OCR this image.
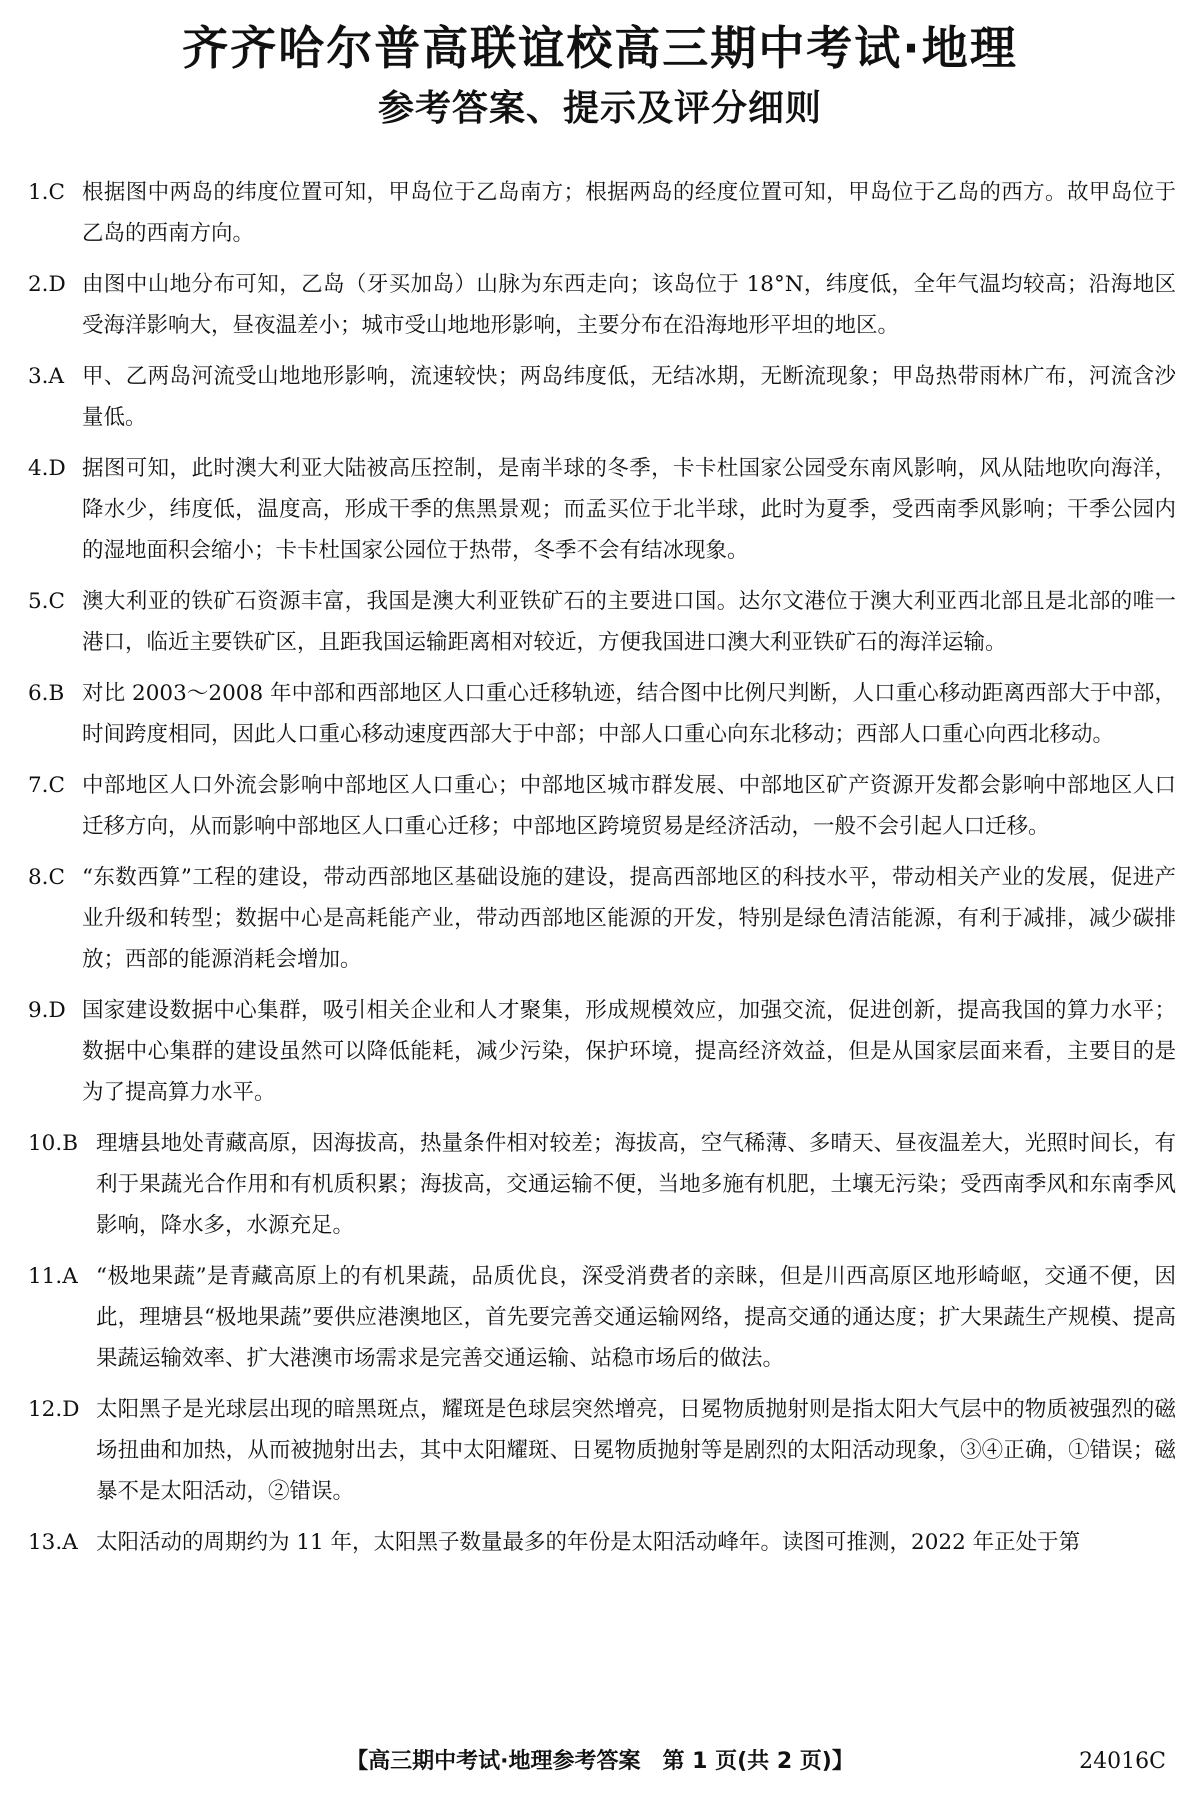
齐齐哈尔普高联谊校高三期中考试·地理
参考答案、提示及评分细则
1.C 根据图中两岛的纬度位置可知，甲岛位于乙岛南方；根据两岛的经度位置可知，甲岛位于乙岛的西方。故甲岛位于乙岛的西南方向。
2.D 由图中山地分布可知，乙岛（牙买加岛）山脉为东西走向；该岛位于 18°N，纬度低，全年气温均较高；沿海地区受海洋影响大，昼夜温差小；城市受山地地形影响，主要分布在沿海地形平坦的地区。
3.A 甲、乙两岛河流受山地地形影响，流速较快；两岛纬度低，无结冰期，无断流现象；甲岛热带雨林广布，河流含沙量低。
4.D 据图可知，此时澳大利亚大陆被高压控制，是南半球的冬季，卡卡杜国家公园受东南风影响，风从陆地吹向海洋，降水少，纬度低，温度高，形成干季的焦黑景观；而孟买位于北半球，此时为夏季，受西南季风影响；干季公园内的湿地面积会缩小；卡卡杜国家公园位于热带，冬季不会有结冰现象。
5.C 澳大利亚的铁矿石资源丰富，我国是澳大利亚铁矿石的主要进口国。达尔文港位于澳大利亚西北部且是北部的唯一港口，临近主要铁矿区，且距我国运输距离相对较近，方便我国进口澳大利亚铁矿石的海洋运输。
6.B 对比 2003～2008 年中部和西部地区人口重心迁移轨迹，结合图中比例尺判断，人口重心移动距离西部大于中部，时间跨度相同，因此人口重心移动速度西部大于中部；中部人口重心向东北移动；西部人口重心向西北移动。
7.C 中部地区人口外流会影响中部地区人口重心；中部地区城市群发展、中部地区矿产资源开发都会影响中部地区人口迁移方向，从而影响中部地区人口重心迁移；中部地区跨境贸易是经济活动，一般不会引起人口迁移。
8.C “东数西算”工程的建设，带动西部地区基础设施的建设，提高西部地区的科技水平，带动相关产业的发展，促进产业升级和转型；数据中心是高耗能产业，带动西部地区能源的开发，特别是绿色清洁能源，有利于减排，减少碳排放；西部的能源消耗会增加。
9.D 国家建设数据中心集群，吸引相关企业和人才聚集，形成规模效应，加强交流，促进创新，提高我国的算力水平；数据中心集群的建设虽然可以降低能耗，减少污染，保护环境，提高经济效益，但是从国家层面来看，主要目的是为了提高算力水平。
10.B 理塘县地处青藏高原，因海拔高，热量条件相对较差；海拔高，空气稀薄、多晴天、昼夜温差大，光照时间长，有利于果蔬光合作用和有机质积累；海拔高，交通运输不便，当地多施有机肥，土壤无污染；受西南季风和东南季风影响，降水多，水源充足。
11.A “极地果蔬”是青藏高原上的有机果蔬，品质优良，深受消费者的亲睐，但是川西高原区地形崎岖，交通不便，因此，理塘县“极地果蔬”要供应港澳地区，首先要完善交通运输网络，提高交通的通达度；扩大果蔬生产规模、提高果蔬运输效率、扩大港澳市场需求是完善交通运输、站稳市场后的做法。
12.D 太阳黑子是光球层出现的暗黑斑点，耀斑是色球层突然增亮，日冕物质抛射则是指太阳大气层中的物质被强烈的磁场扭曲和加热，从而被抛射出去，其中太阳耀斑、日冕物质抛射等是剧烈的太阳活动现象，③④正确，①错误；磁暴不是太阳活动，②错误。
13.A 太阳活动的周期约为 11 年，太阳黑子数量最多的年份是太阳活动峰年。读图可推测，2022 年正处于第
【高三期中考试·地理参考答案　第 1 页(共 2 页)】	24016C
